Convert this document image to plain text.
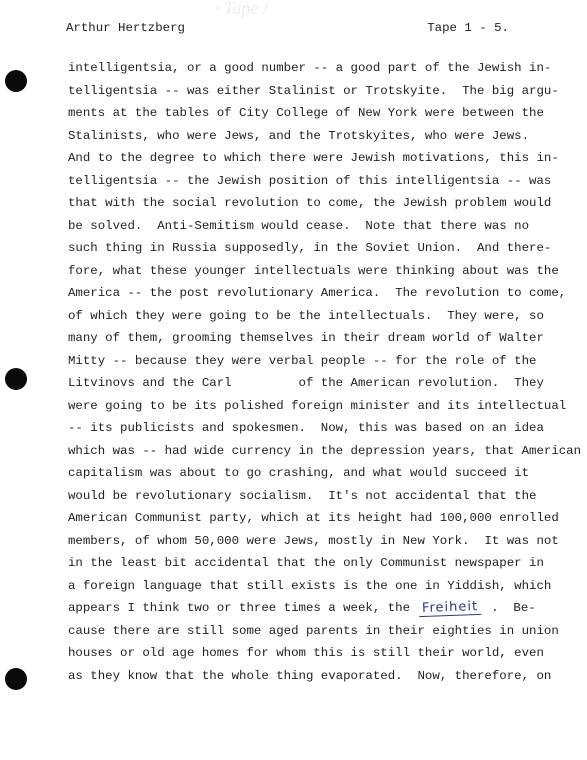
· Tape /
Arthur Hertzberg	Tape 1 - 5.
intelligentsia, or a good number -- a good part of the Jewish in-
telligentsia -- was either Stalinist or Trotskyite.  The big argu-
ments at the tables of City College of New York were between the
Stalinists, who were Jews, and the Trotskyites, who were Jews.
And to the degree to which there were Jewish motivations, this in-
telligentsia -- the Jewish position of this intelligentsia -- was
that with the social revolution to come, the Jewish problem would
be solved.  Anti-Semitism would cease.  Note that there was no
such thing in Russia supposedly, in the Soviet Union.  And there-
fore, what these younger intellectuals were thinking about was the
America -- the post revolutionary America.  The revolution to come,
of which they were going to be the intellectuals.  They were, so
many of them, grooming themselves in their dream world of Walter
Mitty -- because they were verbal people -- for the role of the
Litvinovs and the Carl         of the American revolution.  They
were going to be its polished foreign minister and its intellectual
-- its publicists and spokesmen.  Now, this was based on an idea
which was -- had wide currency in the depression years, that American
capitalism was about to go crashing, and what would succeed it
would be revolutionary socialism.  It's not accidental that the
American Communist party, which at its height had 100,000 enrolled
members, of whom 50,000 were Jews, mostly in New York.  It was not
in the least bit accidental that the only Communist newspaper in
a foreign language that still exists is the one in Yiddish, which
appears I think two or three times a week, the Freiheit .  Be-
cause there are still some aged parents in their eighties in union
houses or old age homes for whom this is still their world, even
as they know that the whole thing evaporated.  Now, therefore, on
